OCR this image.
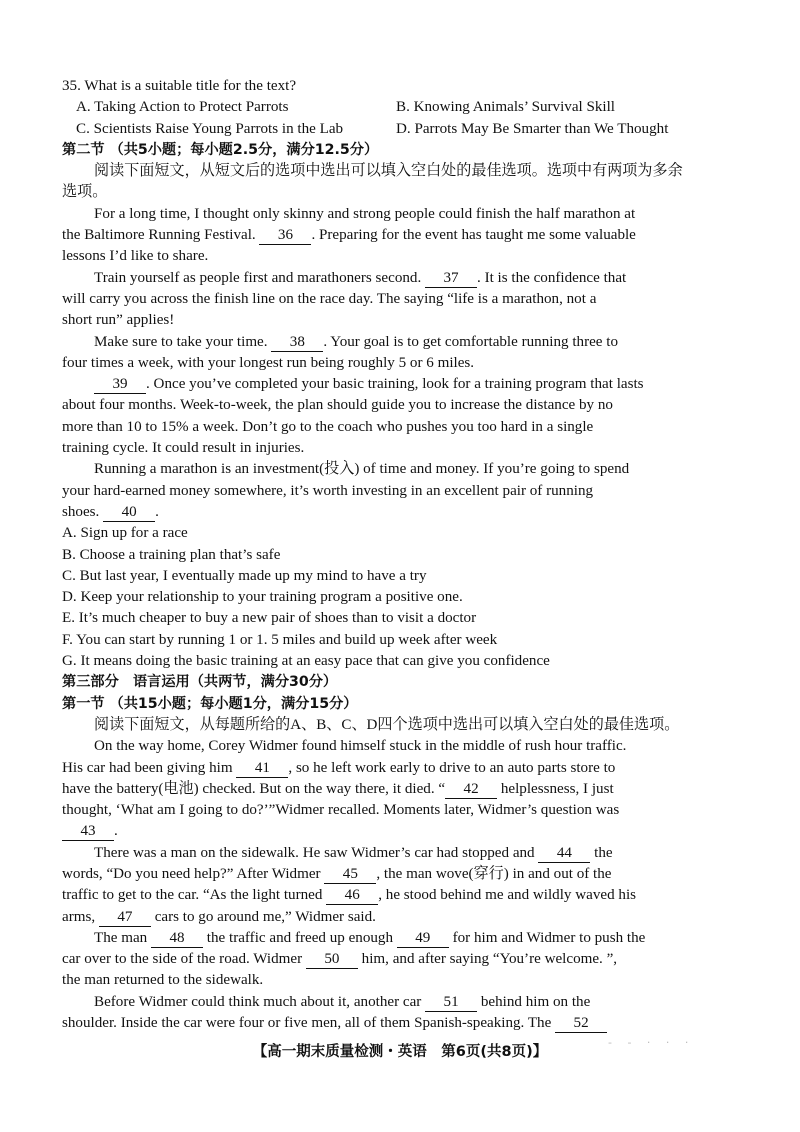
35. What is a suitable title for the text?
A. Taking Action to Protect Parrots	B. Knowing Animals’ Survival Skill
C. Scientists Raise Young Parrots in the Lab	D. Parrots May Be Smarter than We Thought
第二节 （共5小题；每小题2.5分，满分12.5分）
阅读下面短文，从短文后的选项中选出可以填入空白处的最佳选项。选项中有两项为多余
选项。
For a long time, I thought only skinny and strong people could finish the half marathon at
the Baltimore Running Festival. 36 . Preparing for the event has taught me some valuable
lessons I’d like to share.
Train yourself as people first and marathoners second. 37 . It is the confidence that
will carry you across the finish line on the race day. The saying “life is a marathon, not a
short run” applies!
Make sure to take your time. 38 . Your goal is to get comfortable running three to
four times a week, with your longest run being roughly 5 or 6 miles.
39 . Once you’ve completed your basic training, look for a training program that lasts
about four months. Week-to-week, the plan should guide you to increase the distance by no
more than 10 to 15% a week. Don’t go to the coach who pushes you too hard in a single
training cycle. It could result in injuries.
Running a marathon is an investment(投入) of time and money. If you’re going to spend
your hard-earned money somewhere, it’s worth investing in an excellent pair of running
shoes. 40 .
A. Sign up for a race
B. Choose a training plan that’s safe
C. But last year, I eventually made up my mind to have a try
D. Keep your relationship to your training program a positive one.
E. It’s much cheaper to buy a new pair of shoes than to visit a doctor
F. You can start by running 1 or 1. 5 miles and build up week after week
G. It means doing the basic training at an easy pace that can give you confidence
第三部分　语言运用（共两节，满分30分）
第一节 （共15小题；每小题1分，满分15分）
阅读下面短文，从每题所给的A、B、C、D四个选项中选出可以填入空白处的最佳选项。
On the way home, Corey Widmer found himself stuck in the middle of rush hour traffic.
His car had been giving him 41 , so he left work early to drive to an auto parts store to
have the battery(电池) checked. But on the way there, it died. “ 42 helplessness, I just
thought, ‘What am I going to do?’”Widmer recalled. Moments later, Widmer’s question was
43 .
There was a man on the sidewalk. He saw Widmer’s car had stopped and 44 the
words, “Do you need help?” After Widmer 45 , the man wove(穿行) in and out of the
traffic to get to the car. “As the light turned 46 , he stood behind me and wildly waved his
arms, 47 cars to go around me,” Widmer said.
The man 48 the traffic and freed up enough 49 for him and Widmer to push the
car over to the side of the road. Widmer 50 him, and after saying “You’re welcome. ”,
the man returned to the sidewalk.
Before Widmer could think much about it, another car 51 behind him on the
shoulder. Inside the car were four or five men, all of them Spanish-speaking. The 52
【高一期末质量检测・英语　第6页(共8页)】
- - · · ·
